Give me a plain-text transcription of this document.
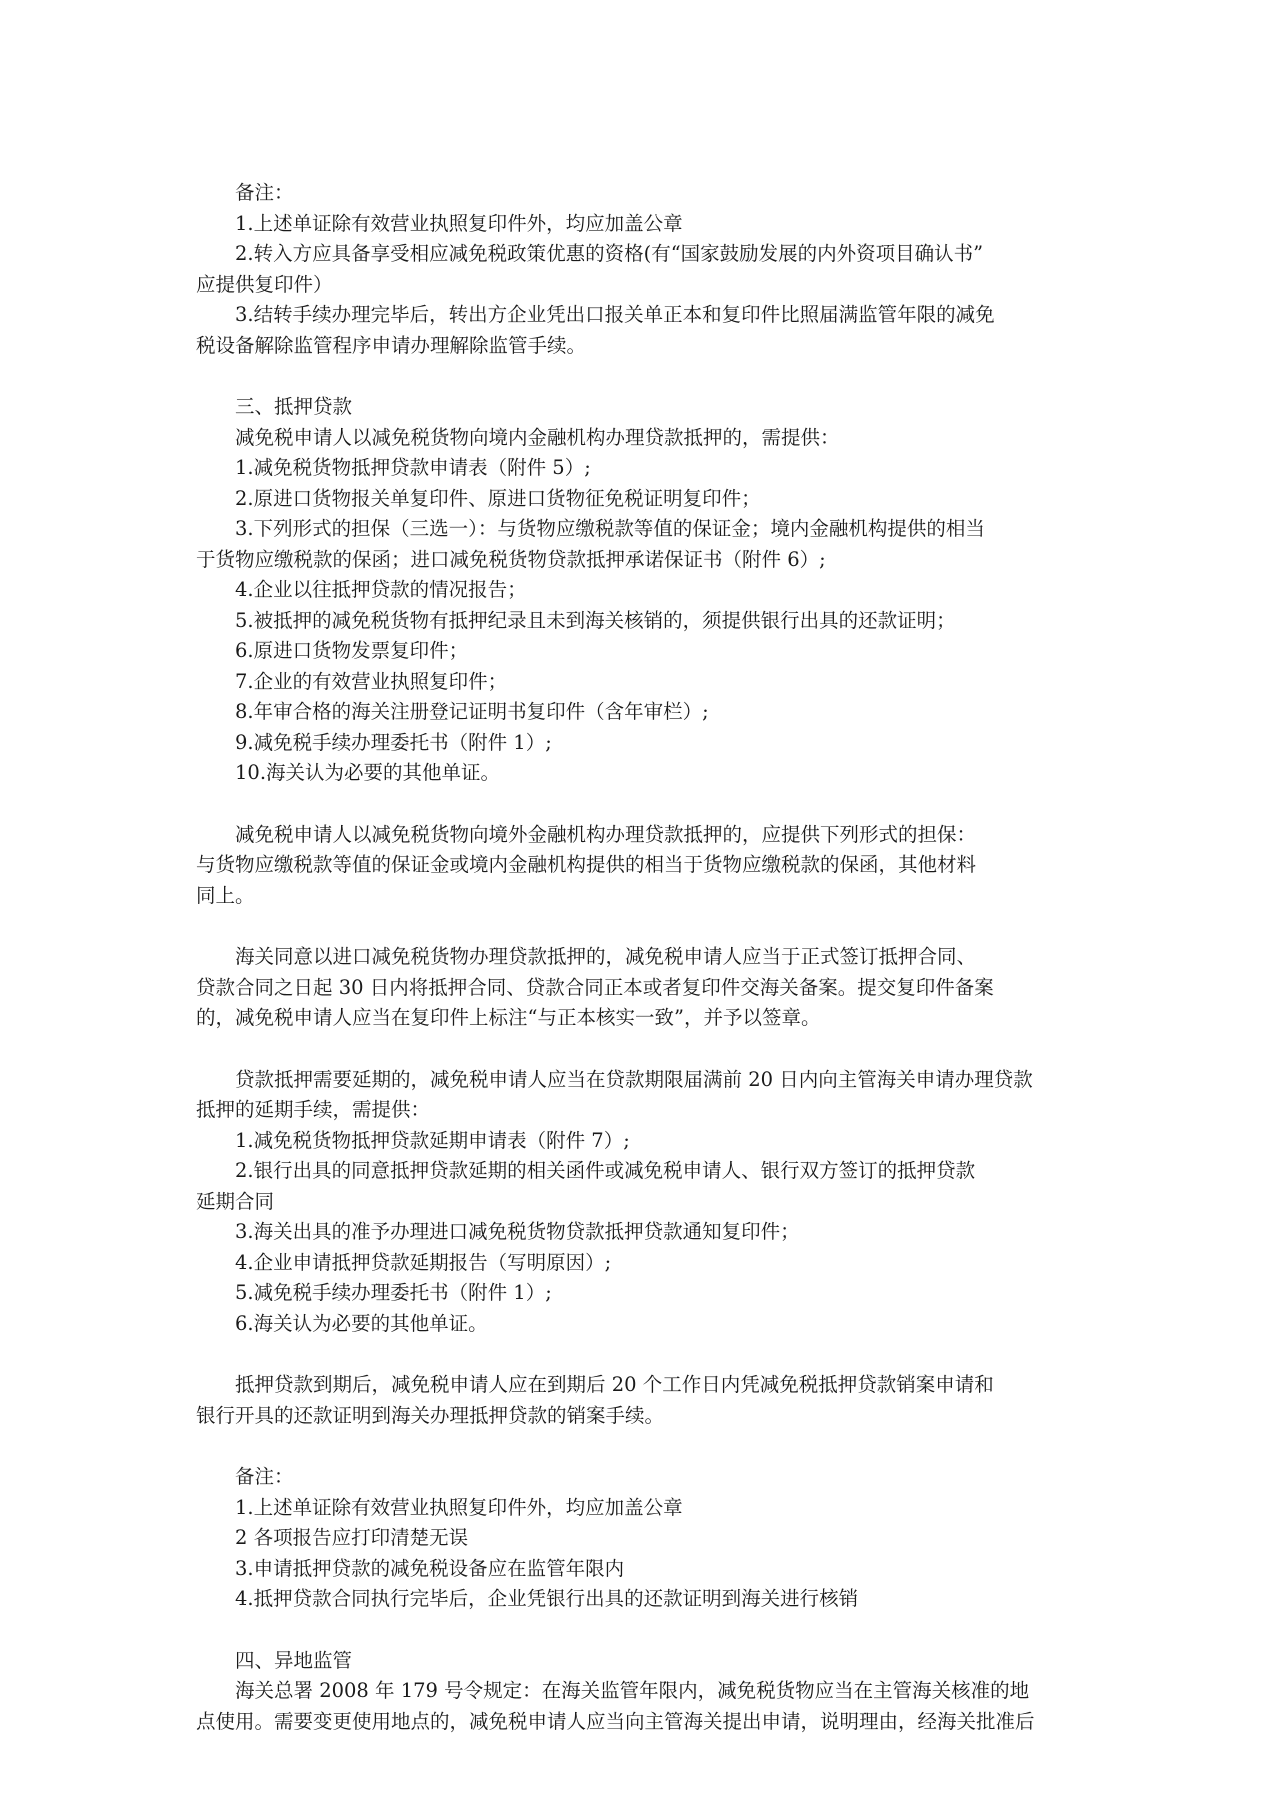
备注：
1.上述单证除有效营业执照复印件外，均应加盖公章
2.转入方应具备享受相应减免税政策优惠的资格(有“国家鼓励发展的内外资项目确认书”
应提供复印件）
3.结转手续办理完毕后，转出方企业凭出口报关单正本和复印件比照届满监管年限的减免
税设备解除监管程序申请办理解除监管手续。
三、抵押贷款
减免税申请人以减免税货物向境内金融机构办理贷款抵押的，需提供：
1.减免税货物抵押贷款申请表（附件 5）;
2.原进口货物报关单复印件、原进口货物征免税证明复印件；
3.下列形式的担保（三选一）：与货物应缴税款等值的保证金；境内金融机构提供的相当
于货物应缴税款的保函；进口减免税货物贷款抵押承诺保证书（附件 6）;
4.企业以往抵押贷款的情况报告；
5.被抵押的减免税货物有抵押纪录且未到海关核销的，须提供银行出具的还款证明；
6.原进口货物发票复印件；
7.企业的有效营业执照复印件；
8.年审合格的海关注册登记证明书复印件（含年审栏）;
9.减免税手续办理委托书（附件 1）;
10.海关认为必要的其他单证。
减免税申请人以减免税货物向境外金融机构办理贷款抵押的，应提供下列形式的担保：
与货物应缴税款等值的保证金或境内金融机构提供的相当于货物应缴税款的保函，其他材料
同上。
海关同意以进口减免税货物办理贷款抵押的，减免税申请人应当于正式签订抵押合同、
贷款合同之日起 30 日内将抵押合同、贷款合同正本或者复印件交海关备案。提交复印件备案
的，减免税申请人应当在复印件上标注“与正本核实一致”，并予以签章。
贷款抵押需要延期的，减免税申请人应当在贷款期限届满前 20 日内向主管海关申请办理贷款
抵押的延期手续，需提供：
1.减免税货物抵押贷款延期申请表（附件 7）;
2.银行出具的同意抵押贷款延期的相关函件或减免税申请人、银行双方签订的抵押贷款
延期合同
3.海关出具的准予办理进口减免税货物贷款抵押贷款通知复印件；
4.企业申请抵押贷款延期报告（写明原因）;
5.减免税手续办理委托书（附件 1）;
6.海关认为必要的其他单证。
抵押贷款到期后，减免税申请人应在到期后 20 个工作日内凭减免税抵押贷款销案申请和
银行开具的还款证明到海关办理抵押贷款的销案手续。
备注：
1.上述单证除有效营业执照复印件外，均应加盖公章
2 各项报告应打印清楚无误
3.申请抵押贷款的减免税设备应在监管年限内
4.抵押贷款合同执行完毕后，企业凭银行出具的还款证明到海关进行核销
四、异地监管
海关总署 2008 年 179 号令规定：在海关监管年限内，减免税货物应当在主管海关核准的地
点使用。需要变更使用地点的，减免税申请人应当向主管海关提出申请，说明理由，经海关批准后
